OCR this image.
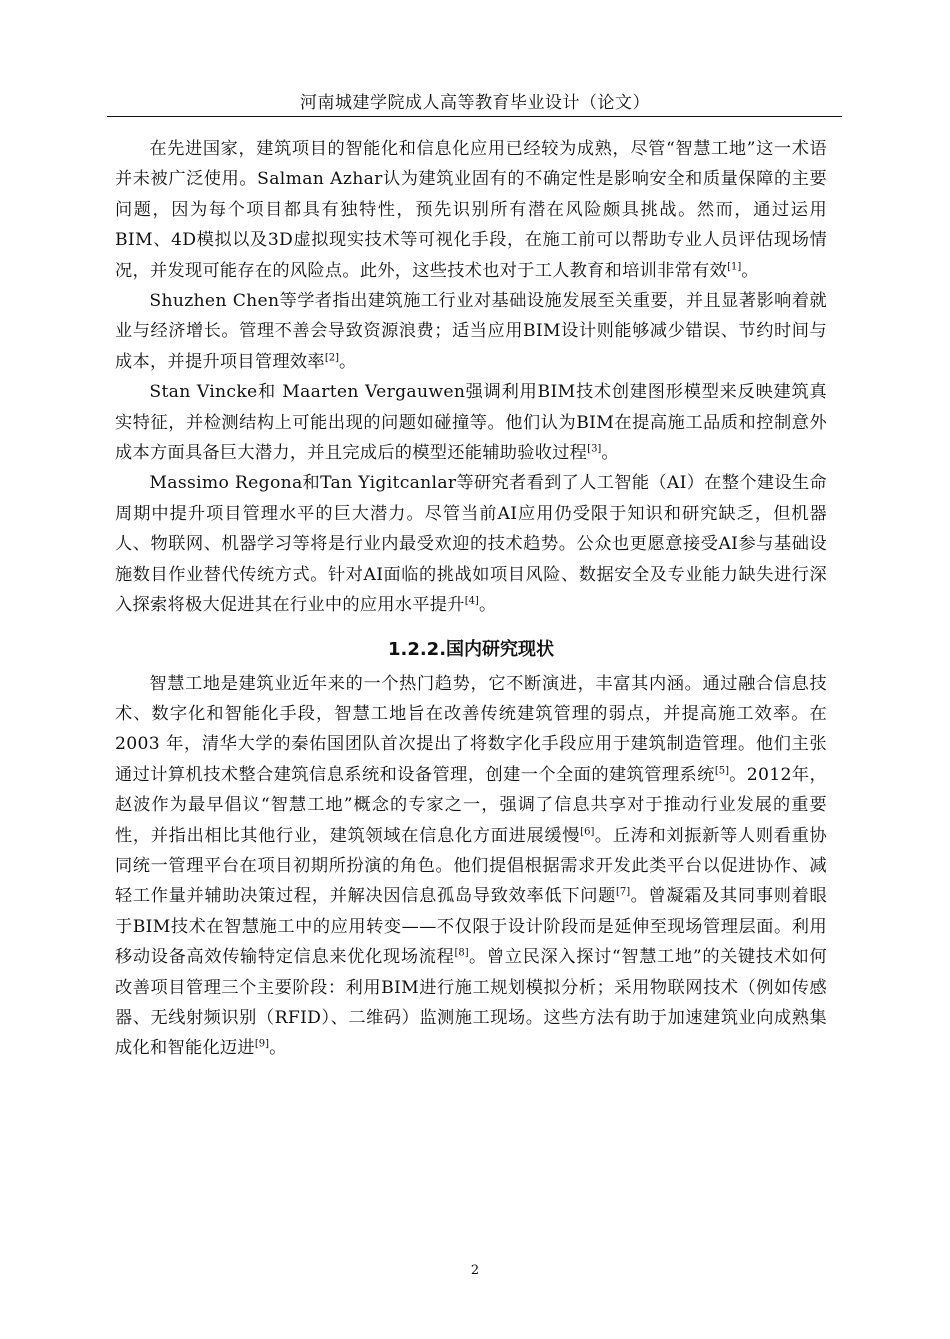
河南城建学院成人高等教育毕业设计（论文）

在先进国家，建筑项目的智能化和信息化应用已经较为成熟，尽管“智慧工地”这一术语并未被广泛使用。Salman Azhar认为建筑业固有的不确定性是影响安全和质量保障的主要问题，因为每个项目都具有独特性，预先识别所有潜在风险颇具挑战。然而，通过运用BIM、4D模拟以及3D虚拟现实技术等可视化手段，在施工前可以帮助专业人员评估现场情况，并发现可能存在的风险点。此外，这些技术也对于工人教育和培训非常有效[1]。

Shuzhen Chen等学者指出建筑施工行业对基础设施发展至关重要，并且显著影响着就业与经济增长。管理不善会导致资源浪费；适当应用BIM设计则能够减少错误、节约时间与成本，并提升项目管理效率[2]。

Stan Vincke和 Maarten Vergauwen强调利用BIM技术创建图形模型来反映建筑真实特征，并检测结构上可能出现的问题如碰撞等。他们认为BIM在提高施工品质和控制意外成本方面具备巨大潜力，并且完成后的模型还能辅助验收过程[3]。

Massimo Regona和Tan Yigitcanlar等研究者看到了人工智能（AI）在整个建设生命周期中提升项目管理水平的巨大潜力。尽管当前AI应用仍受限于知识和研究缺乏，但机器人、物联网、机器学习等将是行业内最受欢迎的技术趋势。公众也更愿意接受AI参与基础设施数目作业替代传统方式。针对AI面临的挑战如项目风险、数据安全及专业能力缺失进行深入探索将极大促进其在行业中的应用水平提升[4]。

1.2.2.国内研究现状

智慧工地是建筑业近年来的一个热门趋势，它不断演进，丰富其内涵。通过融合信息技术、数字化和智能化手段，智慧工地旨在改善传统建筑管理的弱点，并提高施工效率。在 2003 年，清华大学的秦佑国团队首次提出了将数字化手段应用于建筑制造管理。他们主张通过计算机技术整合建筑信息系统和设备管理，创建一个全面的建筑管理系统[5]。2012年，赵波作为最早倡议“智慧工地”概念的专家之一，强调了信息共享对于推动行业发展的重要性，并指出相比其他行业，建筑领域在信息化方面进展缓慢[6]。丘涛和刘振新等人则看重协同统一管理平台在项目初期所扮演的角色。他们提倡根据需求开发此类平台以促进协作、减轻工作量并辅助决策过程，并解决因信息孤岛导致效率低下问题[7]。曾凝霜及其同事则着眼于BIM技术在智慧施工中的应用转变——不仅限于设计阶段而是延伸至现场管理层面。利用移动设备高效传输特定信息来优化现场流程[8]。曾立民深入探讨“智慧工地”的关键技术如何改善项目管理三个主要阶段：利用BIM进行施工规划模拟分析；采用物联网技术（例如传感器、无线射频识别（RFID）、二维码）监测施工现场。这些方法有助于加速建筑业向成熟集成化和智能化迈进[9]。

2
